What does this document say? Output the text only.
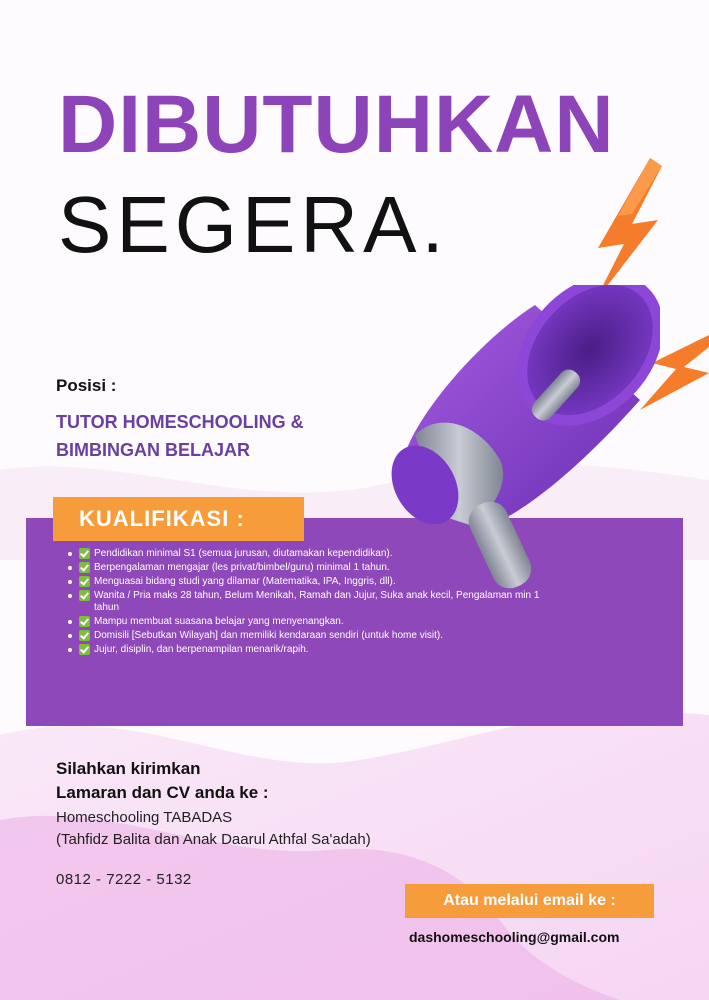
DIBUTUHKAN
SEGERA.
Posisi :
TUTOR HOMESCHOOLING &
BIMBINGAN BELAJAR
KUALIFIKASI :
Pendidikan minimal S1 (semua jurusan, diutamakan kependidikan).
Berpengalaman mengajar (les privat/bimbel/guru) minimal 1 tahun.
Menguasai bidang studi yang dilamar (Matematika, IPA, Inggris, dll).
Wanita / Pria maks 28 tahun, Belum Menikah, Ramah dan Jujur, Suka anak kecil, Pengalaman min 1 tahun
Mampu membuat suasana belajar yang menyenangkan.
Domisili [Sebutkan Wilayah] dan memiliki kendaraan sendiri (untuk home visit).
Jujur, disiplin, dan berpenampilan menarik/rapih.
Silahkan kirimkan
Lamaran dan CV anda ke :
Homeschooling TABADAS
(Tahfidz Balita dan Anak Daarul Athfal Sa'adah)
0812 - 7222 - 5132
Atau melalui email ke :
dashomeschooling@gmail.com
